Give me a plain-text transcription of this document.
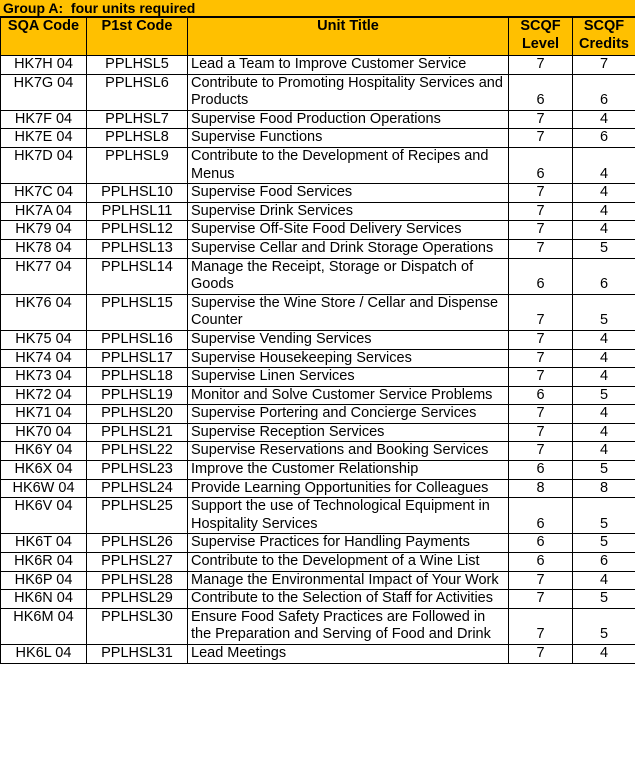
Group A:  four units required
SQA Code	P1st Code	Unit Title	SCQF Level	SCQF Credits
HK7H 04	PPLHSL5	Lead a Team to Improve Customer Service	7	7
HK7G 04	PPLHSL6	Contribute to Promoting Hospitality Services and Products	6	6
HK7F 04	PPLHSL7	Supervise Food Production Operations	7	4
HK7E 04	PPLHSL8	Supervise Functions	7	6
HK7D 04	PPLHSL9	Contribute to the Development of Recipes and Menus	6	4
HK7C 04	PPLHSL10	Supervise Food Services	7	4
HK7A 04	PPLHSL11	Supervise Drink Services	7	4
HK79 04	PPLHSL12	Supervise Off-Site Food Delivery Services	7	4
HK78 04	PPLHSL13	Supervise Cellar and Drink Storage Operations	7	5
HK77 04	PPLHSL14	Manage the Receipt, Storage or Dispatch of Goods	6	6
HK76 04	PPLHSL15	Supervise the Wine Store / Cellar and Dispense Counter	7	5
HK75 04	PPLHSL16	Supervise Vending Services	7	4
HK74 04	PPLHSL17	Supervise Housekeeping Services	7	4
HK73 04	PPLHSL18	Supervise Linen Services	7	4
HK72 04	PPLHSL19	Monitor and Solve Customer Service Problems	6	5
HK71 04	PPLHSL20	Supervise Portering and Concierge Services	7	4
HK70 04	PPLHSL21	Supervise Reception Services	7	4
HK6Y 04	PPLHSL22	Supervise Reservations and Booking Services	7	4
HK6X 04	PPLHSL23	Improve the Customer Relationship	6	5
HK6W 04	PPLHSL24	Provide Learning Opportunities for Colleagues	8	8
HK6V 04	PPLHSL25	Support the use of Technological Equipment in Hospitality Services	6	5
HK6T 04	PPLHSL26	Supervise Practices for Handling Payments	6	5
HK6R 04	PPLHSL27	Contribute to the Development of a Wine List	6	6
HK6P 04	PPLHSL28	Manage the Environmental Impact of Your Work	7	4
HK6N 04	PPLHSL29	Contribute to the Selection of Staff for Activities	7	5
HK6M 04	PPLHSL30	Ensure Food Safety Practices are Followed in the Preparation and Serving of Food and Drink	7	5
HK6L 04	PPLHSL31	Lead Meetings	7	4
